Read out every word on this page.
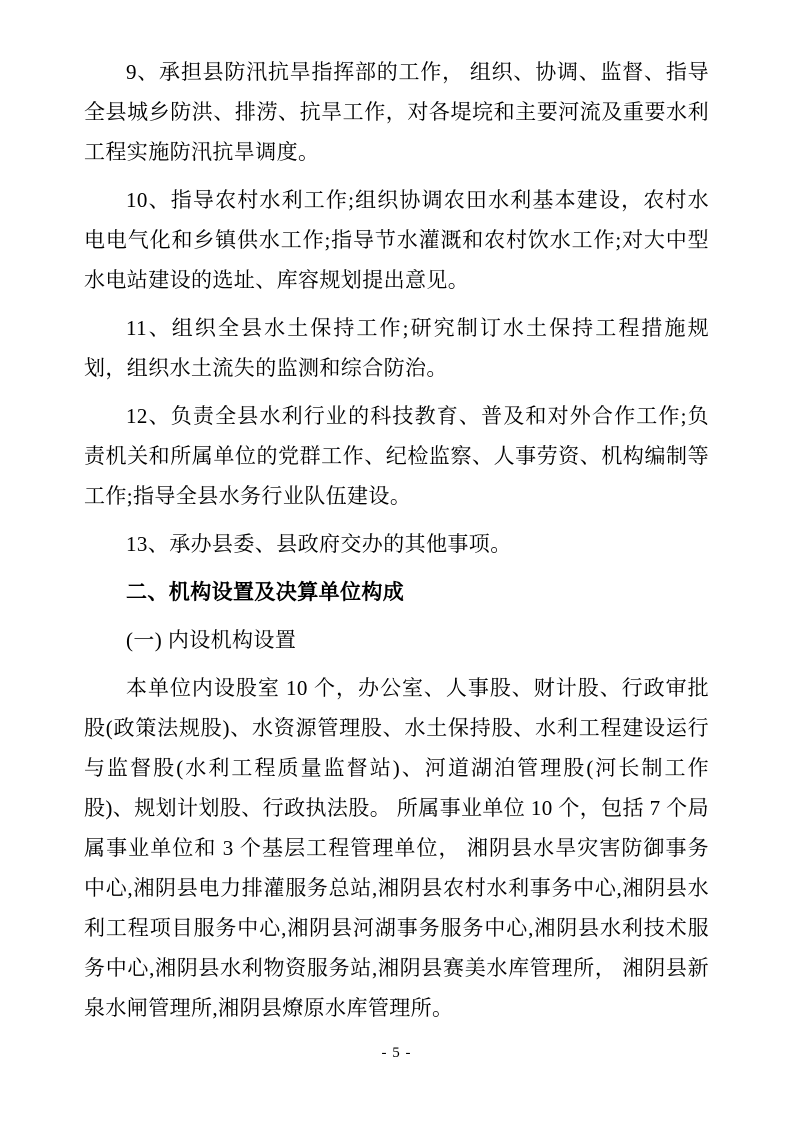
9、承担县防汛抗旱指挥部的工作， 组织、协调、监督、指导全县城乡防洪、排涝、抗旱工作，对各堤垸和主要河流及重要水利工程实施防汛抗旱调度。

10、指导农村水利工作;组织协调农田水利基本建设，农村水电电气化和乡镇供水工作;指导节水灌溉和农村饮水工作;对大中型水电站建设的选址、库容规划提出意见。

11、组织全县水土保持工作;研究制订水土保持工程措施规划，组织水土流失的监测和综合防治。

12、负责全县水利行业的科技教育、普及和对外合作工作;负责机关和所属单位的党群工作、纪检监察、人事劳资、机构编制等工作;指导全县水务行业队伍建设。

13、承办县委、县政府交办的其他事项。

二、机构设置及决算单位构成

(一) 内设机构设置

本单位内设股室 10 个，办公室、人事股、财计股、行政审批股(政策法规股)、水资源管理股、水土保持股、水利工程建设运行与监督股(水利工程质量监督站)、河道湖泊管理股(河长制工作股)、规划计划股、行政执法股。 所属事业单位 10 个，包括 7 个局属事业单位和 3 个基层工程管理单位， 湘阴县水旱灾害防御事务中心,湘阴县电力排灌服务总站,湘阴县农村水利事务中心,湘阴县水利工程项目服务中心,湘阴县河湖事务服务中心,湘阴县水利技术服务中心,湘阴县水利物资服务站,湘阴县赛美水库管理所， 湘阴县新泉水闸管理所,湘阴县燎原水库管理所。

- 5 -
